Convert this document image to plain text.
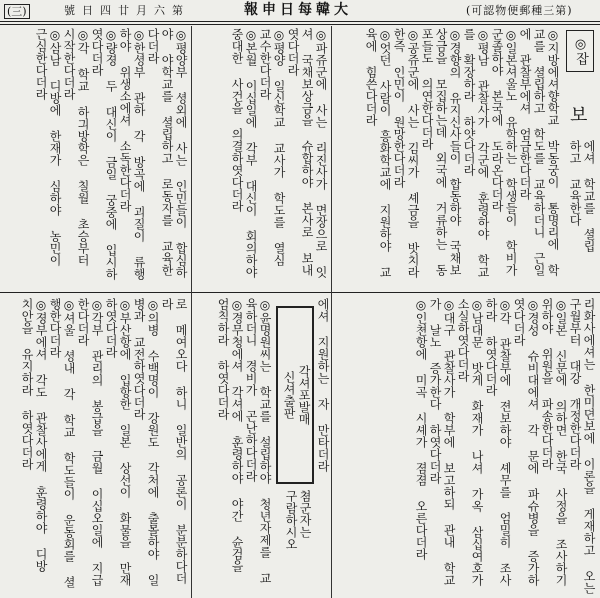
(三)	號日四廿月六第	報申日每韓大	(可認物便郵種三第)
◎잡
보

에셔 학교를 셜립

하고 교육한다

◎지방에셔향학교 박동궁이 통명리에 학교를 셜립하고 학도를 교육하더니 근일에 관찰부에셔 엄금한다더라

◎일본셔울노 유학하는 학생들이 학비가 군졸하야 본국에 도라온다더라

◎평남 관찰사가 각군에 훈령하야 학교를 확장하라 하얏다더라

◎경향의 유지신사들이 합동하야 국채보상금을 모집하는데 외국에 거류하는 동포들도 의연한다더라

◎공쥬군에 사는 김씨가 셰금을 밧치라 한즉 인민이 원망한다더라

◎엇던 사람이 흥화학교에 지원하야 교육에 힘쓴다더라

◎파쥬군에 사는 리진사가 면장으로 잇셔 국채보상금을 슈합하야 본사로 보내엿다더라

◎평양 일신학교 교사가 학도를 열심 교수한다더라

◎본월 이십일에 각부 대신이 회의하야 중대한 사건을 의결하엿다더라

◎평양부 셩외에 사는 인민들이 합심하야 야학교를 셜립하고 로동자를 교육한다더라

◎한셩부 관하 각 방곡에 괴질이 류행하야 위생소에셔 소독한다더라

◎량졍 두 대신이 금일 궁중에 입시하엿다더라

◎각 학교 하긔방학은 칠월 초승부터 시작한다더라

◎삼남 디방에 한재가 심하야 농민이 근심한다더라

리화사에셔는 한미뎐보에 이론을 게재하고 오는 구월부터 대강 개정한다더라

◎일본 신문에 의하면 한국 사정을 조사하기 위하야 위원을 파송한다더라

◎경성 슈비대에셔 각 문에 파슈병을 증가하엿다더라

◎각 관찰부에 젼보하야 셰무를 엄밀히 조사하라 하엿다더라

◎남대문 밧게 화재가 나셔 가옥 삼십여호가 소실하엿다더라

◎대구 관찰사가 학부에 보고하되 관내 학교가 날노 증가한다 하엿다더라

◎인쳔항에 미곡 시셰가 졈졈 오른다더라

에셔 지원하는 자 만타더라

각셔포발매

신셔출판

쳠군자는

구람하시오

◎윤명원씨는 학교를 설립하야 청년자제를 교육하더니 경비가 곤난하다더라

◎경무청에셔 각셔에 훈령하야 야간 슌검을 엄칙하라 하엿다더라

로 메여오다 하니 일반의 공론이 분분하다더라

◎의병 수백명이 강원도 각처에 출몰하야 일병과 교전하엿다더라

◎부산항에 입항한 일본 상선이 화물을 만재하엿다더라

◎각부 관리의 봉급을 금월 이십오일에 지급한다더라

◎셔울 셩내 각 학교 학도들이 운동회를 셜행한다더라

◎졍부에셔 각도 관찰사에게 훈령하야 디방 치안을 유지하라 하엿다더라
